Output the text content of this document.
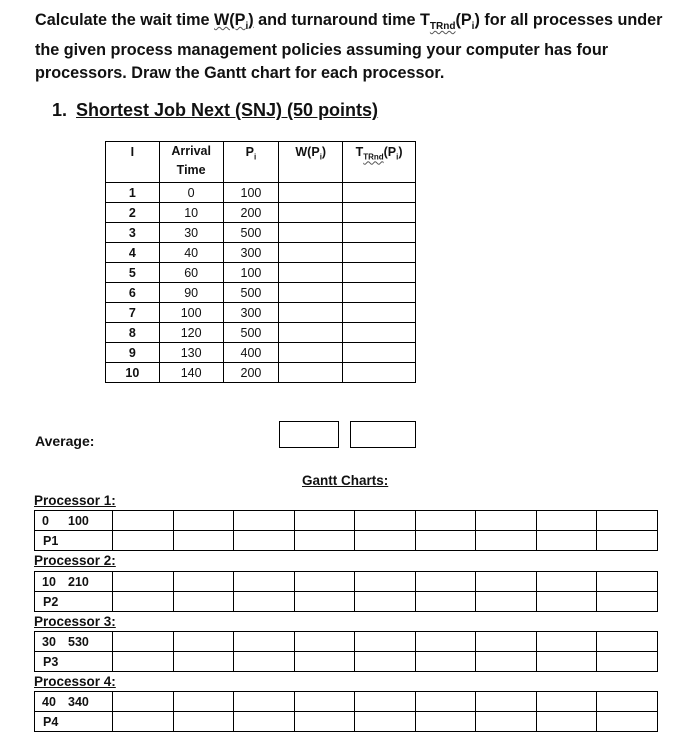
Calculate the wait time $W(P_i)$ and turnaround time $T_{TRnd}(P_i)$ for all processes under the given process management policies assuming your computer has four processors. Draw the Gantt chart for each processor.
1. Shortest Job Next (SNJ) (50 points)
I	Arrival Time	$P_i$	$W(P_i)$	$T_{TRnd}(P_i)$
1	0	100		
2	10	200		
3	30	500		
4	40	300		
5	60	100		
6	90	500		
7	100	300		
8	120	500		
9	130	400		
10	140	200		
Average:
Gantt Charts:
Processor 1:
0 100									
P1									
Processor 2:
10 210									
P2									
Processor 3:
30 530									
P3									
Processor 4:
40 340									
P4									
